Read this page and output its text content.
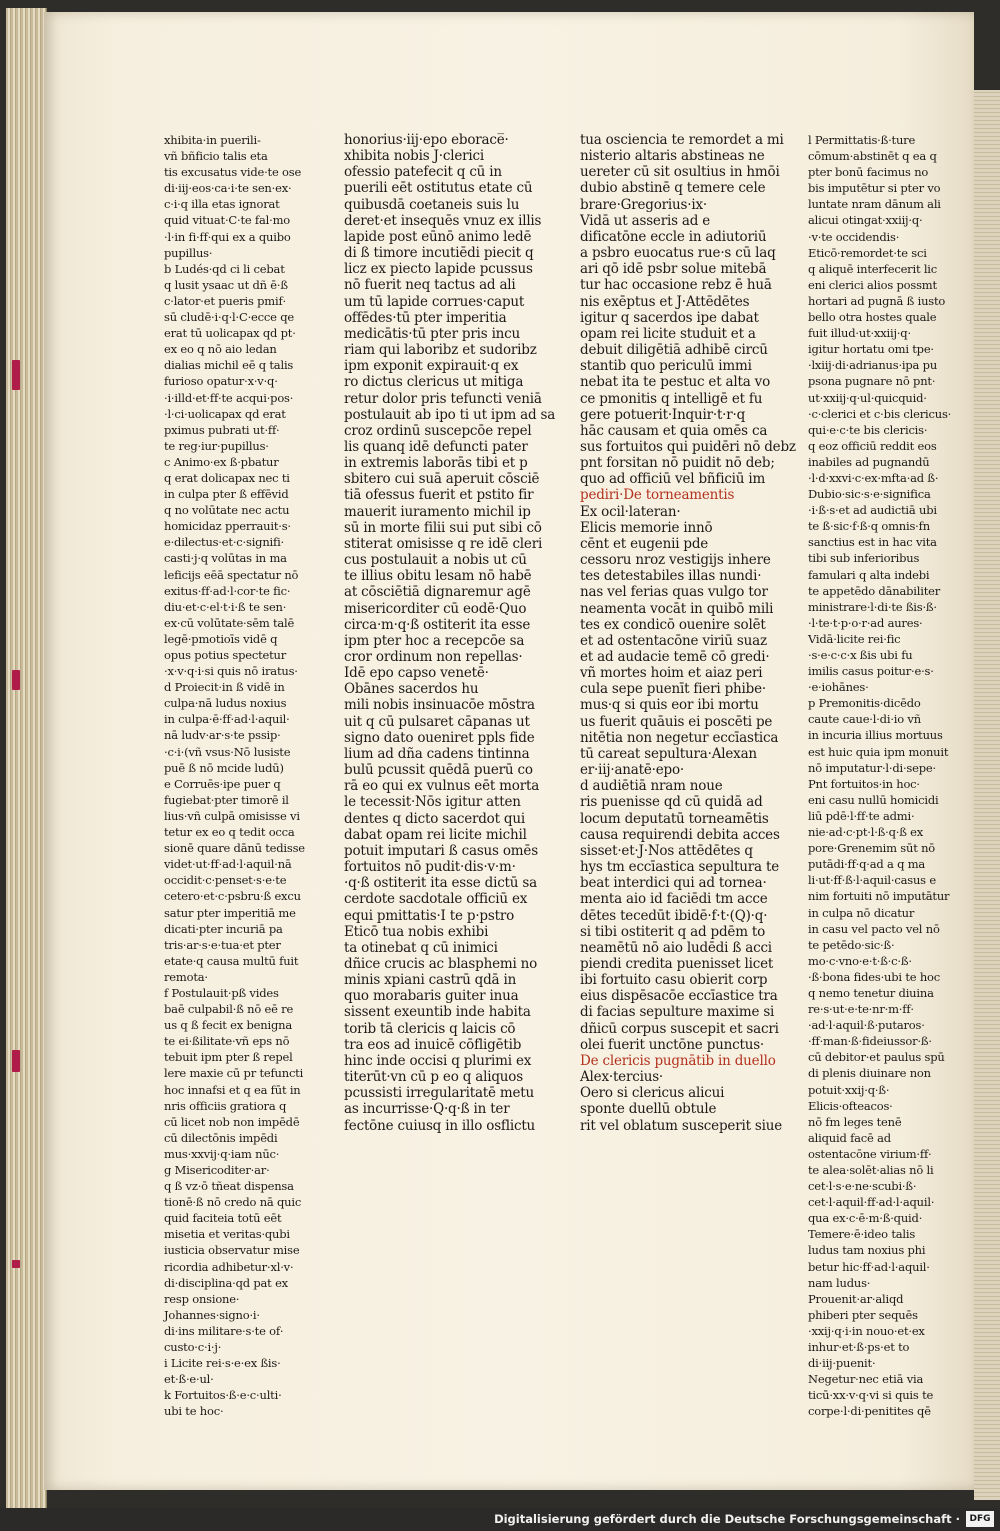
xhibita·in puerili-
vñ bñficio talis eta
tis excusatus vide·te ose
di·iij·eos·ca·i·te sen·ex·
c·i·q illa etas ignorat
quid vituat·C·te fal·mo
·l·in fi·ff·qui ex a quibo
pupillus·
b Ludés·qd ci li cebat
q lusit ysaac ut dñ ē·ß
c·lator·et pueris pmif·
sū cludē·i·q·l·C·ecce qe
erat tū uolicapax qd pt·
ex eo q nō aio ledan
dialias michil eē q talis
furioso opatur·x·v·q·
·i·illd·et·ff·te acqui·pos·
·l·ci·uolicapax qd erat
pximus pubrati ut·ff·
te reg·iur·pupillus·
c Animo·ex ß·pbatur
q erat dolicapax nec ti
in culpa pter ß effēvid
q no volūtate nec actu
homicidaz pperrauit·s·
e·dilectus·et·c·signifi·
casti·j·q volūtas in ma
leficijs eēā spectatur nō
exitus·ff·ad·l·cor·te fic·
diu·et·c·el·t·i·ß te sen·
ex·cū volūtate·sēm talē
legē·pmotioīs vidē q
opus potius spectetur
·x·v·q·i·si quis nō iratus·
d Proiecit·in ß vidē in
culpa·nā ludus noxius
in culpa·ē·ff·ad·l·aquil·
nā ludv·ar·s·te pssip·
·c·i·(vñ vsus·Nō lusiste
puē ß nō mcide ludū)
e Corruēs·ipe puer q
fugiebat·pter timorē il
lius·vñ culpā omisisse vi
tetur ex eo q tedit occa
sionē quare dānū tedisse
videt·ut·ff·ad·l·aquil·nā
occidit·c·penset·s·e·te
cetero·et·c·psbru·ß excu
satur pter imperitiā me
dicati·pter incuriā pa
tris·ar·s·e·tua·et pter
etate·q causa multū fuit
remota·
f Postulauit·pß vides
baē culpabil·ß nō eē re
us q ß fecit ex benigna
te ei·ßilitate·vñ eps nō
tebuit ipm pter ß repel
lere maxie cū pr tefuncti
hoc innafsi et q ea fūt in
nris officiis gratiora q
cū licet nob non impēdē
cū dilectōnis impēdi
mus·xxvij·q·iam nūc·
g Misericoditer·ar·
q ß vz·ō tñeat dispensa
tionē·ß nō credo nā quic
quid faciteia totū eēt
misetia et veritas·qubi
iusticia observatur mise
ricordia adhibetur·xl·v·
di·disciplina·qd pat ex
resp onsione·
Johannes·signo·i·
di·ins militare·s·te of·
custo·c·i·j·
i Licite rei·s·e·ex ßis·
et·ß·e·ul·
k Fortuitos·ß·e·c·ulti·
ubi te hoc·
honorius·iij·epo eborace̅·
xhibita nobis J·clerici
ofessio patefecit q cū in
puerili eēt ostitutus etate cū
quibusdā coetaneis suis lu
deret·et insequēs vnuz ex illis
lapide post eūnō animo ledē
di ß timore incutiēdi piecit q
licz ex piecto lapide pcussus
nō fuerit neq tactus ad ali
um tū lapide corrues·caput
offēdes·tū pter imperitia
medicātis·tū pter pris incu
riam qui laboribz et sudoribz
ipm exponit expirauit·q ex
ro dictus clericus ut mitiga
retur dolor pris tefuncti veniā
postulauit ab ipo ti ut ipm ad sa
croz ordinū suscepcōe repel
lis quanq idē defuncti pater
in extremis laborās tibi et p
sbitero cui suā aperuit cōsciē
tiā ofessus fuerit et pstito fir
mauerit iuramento michil ip
sū in morte filii sui put sibi cō
stiterat omisisse q re idē cleri
cus postulauit a nobis ut cū
te illius obitu lesam nō habē
at cōsciētiā dignaremur agē
misericorditer cū eodē·Quo
circa·m·q·ß ostiterit ita esse
ipm pter hoc a recepcōe sa
cror ordinum non repellas·
Idē epo capso venetē·
Obānes sacerdos hu
mili nobis insinuacōe mōstra
uit q cū pulsaret cāpanas ut
signo dato oueniret ppls fide
lium ad dña cadens tintinna
bulū pcussit quēdā puerū co
rā eo qui ex vulnus eēt morta
le tecessit·Nōs igitur atten
dentes q dicto sacerdot qui
dabat opam rei licite michil
potuit imputari ß casus omēs
fortuitos nō pudit·dis·v·m·
·q·ß ostiterit ita esse dictū sa
cerdote sacdotale officiū ex
equi pmittatis·I te p·pstro
Eticō tua nobis exhibi
ta otinebat q cū inimici
dñice crucis ac blasphemi no
minis xpiani castrū qdā in
quo morabaris guiter inua
sissent exeuntib inde habita
torib tā clericis q laicis cō
tra eos ad inuicē cōfligētib
hinc inde occisi q plurimi ex
titerūt·vn cū p eo q aliquos
pcussisti irregularitatē metu
as incurrisse·Q·q·ß in ter
fectōne cuiusq in illo osflictu
tua osciencia te remordet a mi
nisterio altaris abstineas ne
uereter cū sit osultius in hmōi
dubio abstinē q temere cele
brare·Gregorius·ix·
Vidā ut asseris ad e
dificatōne eccle in adiutoriū
a psbro euocatus rue·s cū laq
ari qō idē psbr solue mitebā
tur hac occasione rebz ē huā
nis exēptus et J·Attēdētes
igitur q sacerdos ipe dabat
opam rei licite studuit et a
debuit diligētiā adhibē circū
stantib quo periculū immi
nebat ita te pestuc et alta vo
ce pmonitis q intelligē et fu
gere potuerit·Inquir·t·r·q
hāc causam et quia omēs ca
sus fortuitos qui puidēri nō debz
pnt forsitan nō puidit nō deb;
quo ad officiū vel bñficiū im
pediri·De torneamentis
Ex ocil·lateran·
Elicis memorie innō
cēnt et eugenii pde
cessoru nroz vestigijs inhere
tes detestabiles illas nundi·
nas vel ferias quas vulgo tor
neamenta vocāt in quibō mili
tes ex condicō ouenire solēt
et ad ostentacōne viriū suaz
et ad audacie temē cō gredi·
vñ mortes hoim et aiaz peri
cula sepe puenīt fieri phibe·
mus·q si quis eor ibi mortu
us fuerit quāuis ei poscēti pe
nitētia non negetur eccīastica
tū careat sepultura·Alexan
er·iij·anatē·epo·
d audiētiā nram noue
ris puenisse qd cū quidā ad
locum deputatū torneamētis
causa requirendi debita acces
sisset·et·J·Nos attēdētes q
hys tm eccīastica sepultura te
beat interdici qui ad tornea·
menta aio id faciēdi tm acce
dētes tecedūt ibidē·f·t·(Q)·q·
si tibi ostiterit q ad pdēm to
neamētū nō aio ludēdi ß acci
piendi credita puenisset licet
ibi fortuito casu obierit corp
eius dispēsacōe eccīastice tra
di facias sepulture maxime si
dñicū corpus suscepit et sacri
olei fuerit unctōne punctus·
De clericis pugnātib in duello
Alex·tercius·
Oero si clericus alicui
sponte duellū obtule
rit vel oblatum susceperit siue
l Permittatis·ß·ture
cōmum·abstinēt q ea q
pter bonū facimus no
bis imputētur si pter vo
luntate nram dānum ali
alicui otingat·xxiij·q·
·v·te occidendis·
Eticō·remordet·te sci
q aliquē interfecerit lic
eni clerici alios possmt
hortari ad pugnā ß iusto
bello otra hostes quale
fuit illud·ut·xxiij·q·
igitur hortatu omi tpe·
·lxiij·di·adrianus·ipa pu
psona pugnare nō pnt·
ut·xxiij·q·ul·quicquid·
·c·clerici et c·bis clericus·
qui·e·c·te bis clericis·
q eoz officiū reddit eos
inabiles ad pugnandū
·l·d·xxvi·c·ex·mfta·ad ß·
Dubio·sic·s·e·significa
·i·ß·s·et ad audictiā ubi
te ß·sic·f·ß·q omnis·fn
sanctius est in hac vita
tibi sub inferioribus
famulari q alta indebi
te appetēdo dānabiliter
ministrare·l·di·te ßis·ß·
·l·te·t·p·o·r·ad aures·
Vidā·licite rei·fic
·s·e·c·c·x ßis ubi fu
imilis casus poitur·e·s·
·e·iohānes·
p Premonitis·dicēdo
caute caue·l·di·io vñ
in incuria illius mortuus
est huic quia ipm monuit
nō imputatur·l·di·sepe·
Pnt fortuitos·in hoc·
eni casu nullū homicidi
liū pdē·l·ff·te admi·
nie·ad·c·pt·l·ß·q·ß ex
pore·Grenemim sūt nō
putādi·ff·q·ad a q ma
li·ut·ff·ß·l·aquil·casus e
nim fortuiti nō imputātur
in culpa nō dicatur
in casu vel pacto vel nō
te petēdo·sic·ß·
mo·c·vno·e·t·ß·c·ß·
·ß·bona fides·ubi te hoc
q nemo tenetur diuina
re·s·ut·e·te·nr·m·ff·
·ad·l·aquil·ß·putaros·
·ff·man·ß·fideiussor·ß·
cū debitor·et paulus spū
di plenis diuinare non
potuit·xxij·q·ß·
Elicis·ofteacos·
nō fm leges tenē
aliquid facē ad
ostentacōne virium·ff·
te alea·solēt·alias nō li
cet·l·s·e·ne·scubi·ß·
cet·l·aquil·ff·ad·l·aquil·
qua ex·c·ē·m·ß·quid·
Temere·ē·ideo talis
ludus tam noxius phi
betur hic·ff·ad·l·aquil·
nam ludus·
Prouenit·ar·aliqd
phiberi pter sequēs
·xxij·q·i·in nouo·et·ex
inhur·et·ß·ps·et to
di·iij·puenit·
Negetur·nec etiā via
ticū·xx·v·q·vi si quis te
corpe·l·di·penitites qē
Digitalisierung gefördert durch die Deutsche Forschungsgemeinschaft ·	DFG
